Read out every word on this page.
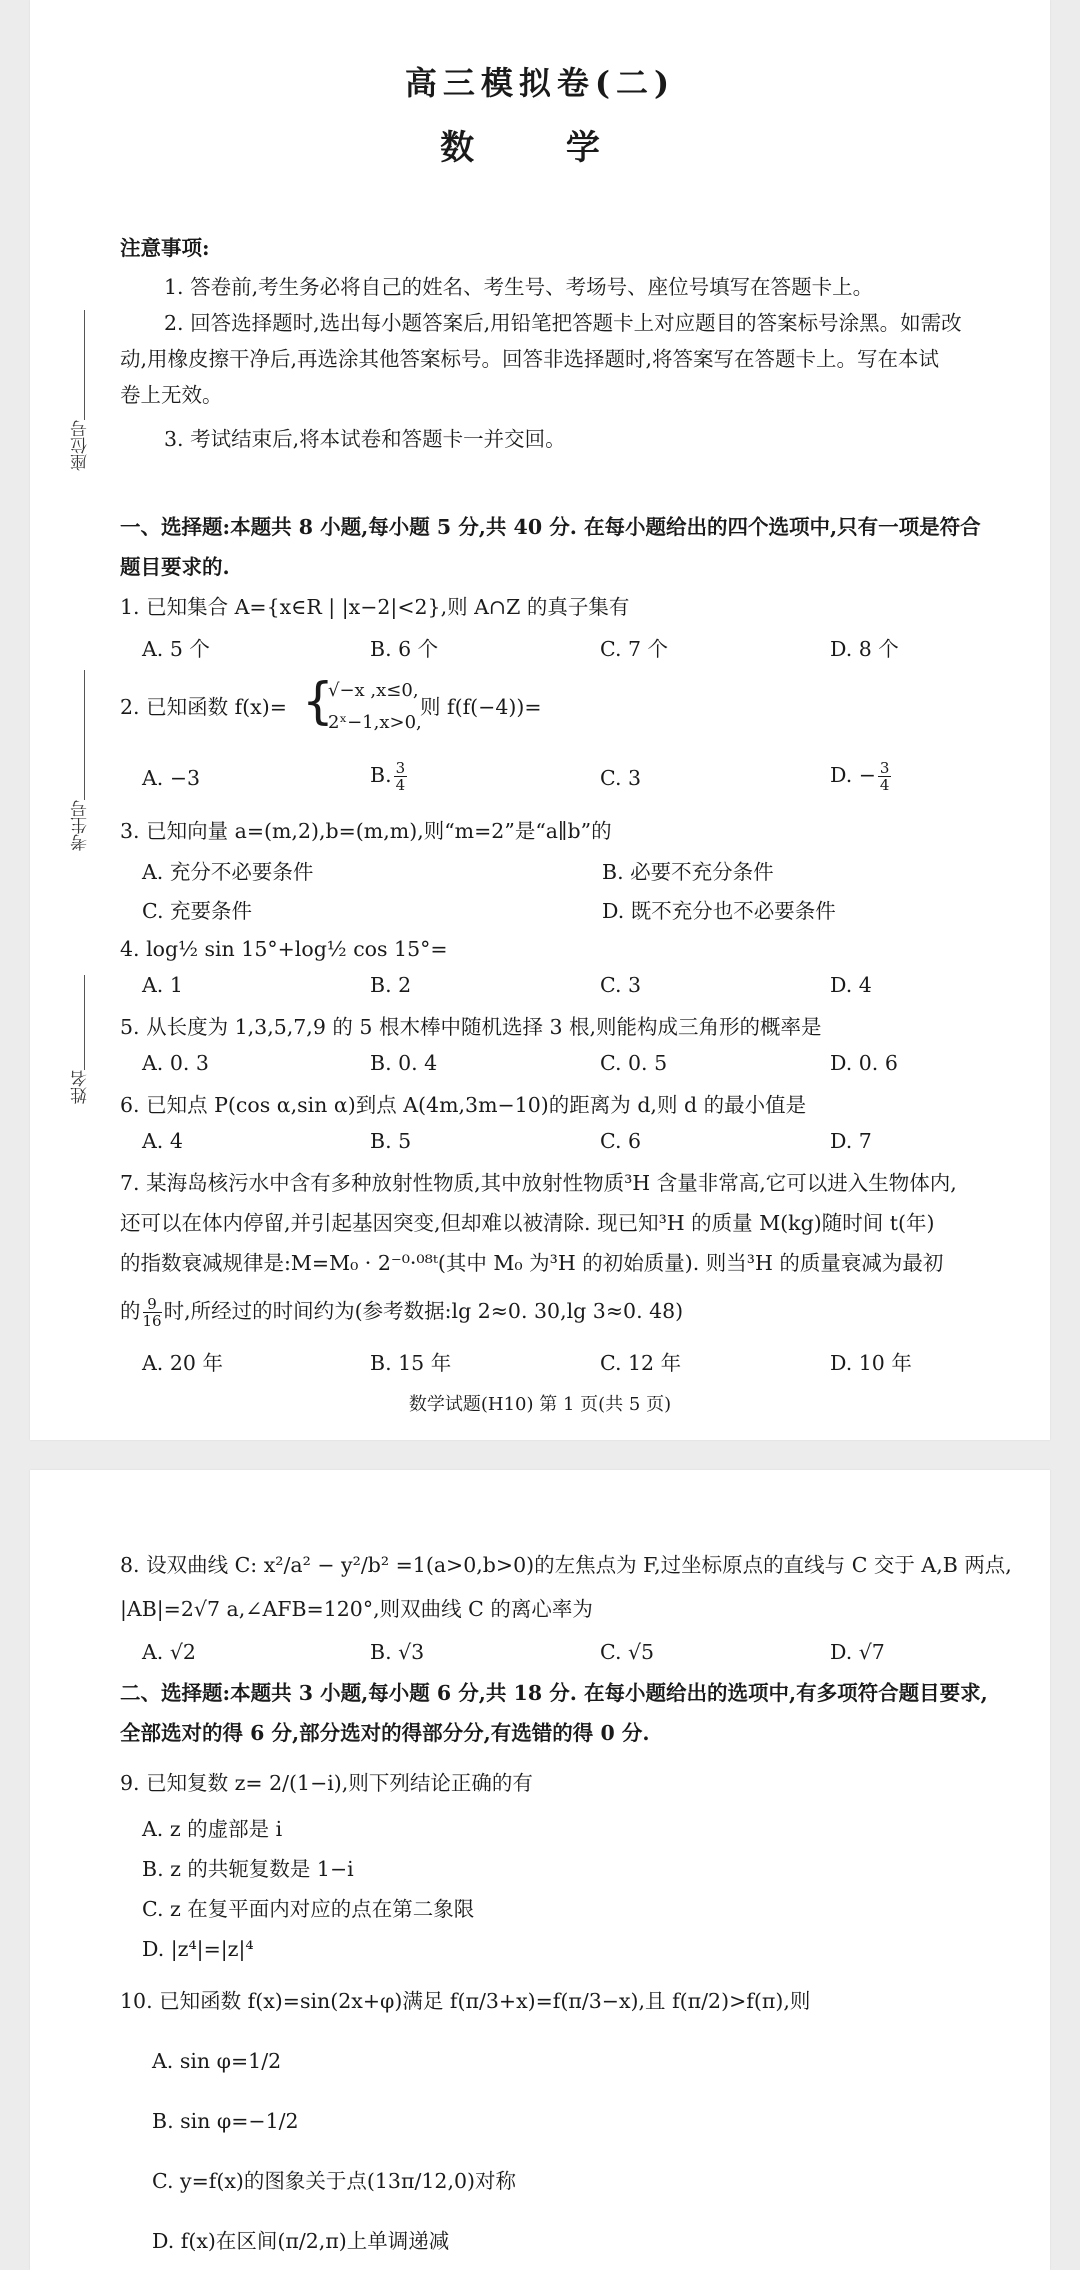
高三模拟卷(二)
数 学
座位号
考生号
姓名
注意事项:
1. 答卷前,考生务必将自己的姓名、考生号、考场号、座位号填写在答题卡上。
2. 回答选择题时,选出每小题答案后,用铅笔把答题卡上对应题目的答案标号涂黑。如需改
动,用橡皮擦干净后,再选涂其他答案标号。回答非选择题时,将答案写在答题卡上。写在本试
卷上无效。
3. 考试结束后,将本试卷和答题卡一并交回。
一、选择题:本题共 8 小题,每小题 5 分,共 40 分. 在每小题给出的四个选项中,只有一项是符合
题目要求的.
1. 已知集合 A={x∈R | |x−2|<2},则 A∩Z 的真子集有
A. 5 个	B. 6 个	C. 7 个	D. 8 个
2. 已知函数 f(x)=	则 f(f(−4))=
{
√−x ,x≤0,
2ˣ−1,x>0,
A. −3	B. $\frac{3}{4}$	C. 3	D. − $\frac{3}{4}$
3. 已知向量 a=(m,2),b=(m,m),则“m=2”是“a∥b”的
A. 充分不必要条件	B. 必要不充分条件
C. 充要条件	D. 既不充分也不必要条件
4. log½ sin 15°+log½ cos 15°=
A. 1	B. 2	C. 3	D. 4
5. 从长度为 1,3,5,7,9 的 5 根木棒中随机选择 3 根,则能构成三角形的概率是
A. 0. 3	B. 0. 4	C. 0. 5	D. 0. 6
6. 已知点 P(cos α,sin α)到点 A(4m,3m−10)的距离为 d,则 d 的最小值是
A. 4	B. 5	C. 6	D. 7
7. 某海岛核污水中含有多种放射性物质,其中放射性物质³H 含量非常高,它可以进入生物体内,
还可以在体内停留,并引起基因突变,但却难以被清除. 现已知³H 的质量 M(kg)随时间 t(年)
的指数衰减规律是:M=M₀ · 2⁻⁰·⁰⁸ᵗ(其中 M₀ 为³H 的初始质量). 则当³H 的质量衰减为最初
的 $\frac{9}{16}$ 时,所经过的时间约为(参考数据:lg 2≈0. 30,lg 3≈0. 48)
A. 20 年	B. 15 年	C. 12 年	D. 10 年
数学试题(H10) 第 1 页(共 5 页)
8. 设双曲线 C: x²/a² − y²/b² =1(a>0,b>0)的左焦点为 F,过坐标原点的直线与 C 交于 A,B 两点,
|AB|=2√7 a,∠AFB=120°,则双曲线 C 的离心率为
A. √2	B. √3	C. √5	D. √7
二、选择题:本题共 3 小题,每小题 6 分,共 18 分. 在每小题给出的选项中,有多项符合题目要求,
全部选对的得 6 分,部分选对的得部分分,有选错的得 0 分.
9. 已知复数 z= 2/(1−i),则下列结论正确的有
A. z 的虚部是 i
B. z 的共轭复数是 1−i
C. z 在复平面内对应的点在第二象限
D. |z⁴|=|z|⁴
10. 已知函数 f(x)=sin(2x+φ)满足 f(π/3+x)=f(π/3−x),且 f(π/2)>f(π),则
A. sin φ=1/2
B. sin φ=−1/2
C. y=f(x)的图象关于点(13π/12,0)对称
D. f(x)在区间(π/2,π)上单调递减
